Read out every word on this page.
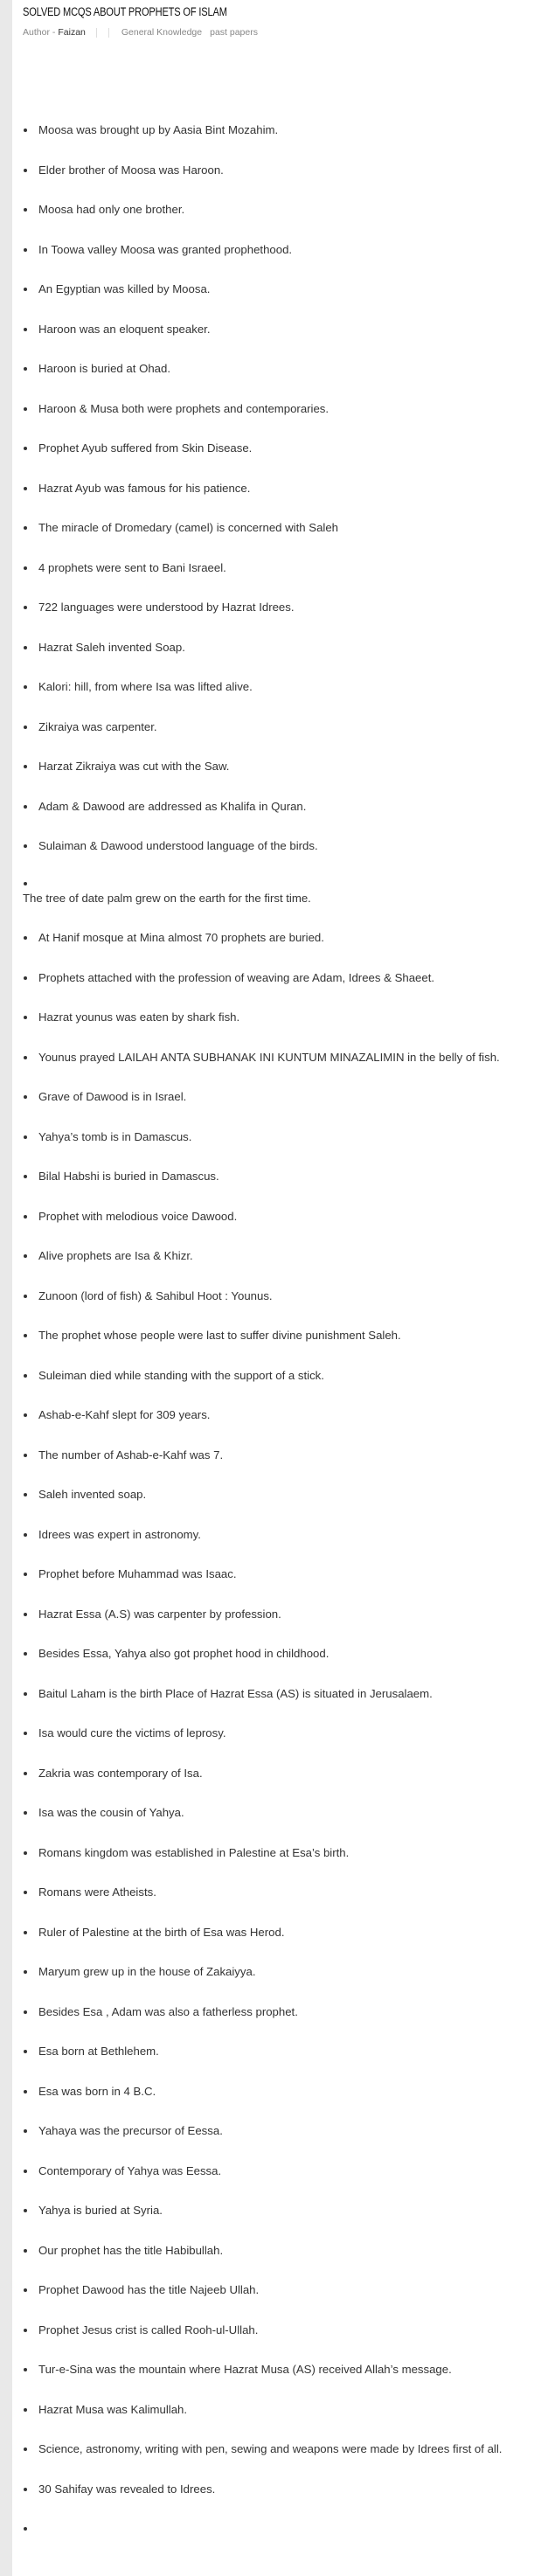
SOLVED MCQS ABOUT PROPHETS OF ISLAM
Author - Faizan	General Knowledge past papers
Moosa was brought up by Aasia Bint Mozahim.
Elder brother of Moosa was Haroon.
Moosa had only one brother.
In Toowa valley Moosa was granted prophethood.
An Egyptian was killed by Moosa.
Haroon was an eloquent speaker.
Haroon is buried at Ohad.
Haroon & Musa both were prophets and contemporaries.
Prophet Ayub suffered from Skin Disease.
Hazrat Ayub was famous for his patience.
The miracle of Dromedary (camel) is concerned with Saleh
4 prophets were sent to Bani Israeel.
722 languages were understood by Hazrat Idrees.
Hazrat Saleh invented Soap.
Kalori: hill, from where Isa was lifted alive.
Zikraiya was carpenter.
Harzat Zikraiya was cut with the Saw.
Adam & Dawood are addressed as Khalifa in Quran.
Sulaiman & Dawood understood language of the birds.
The tree of date palm grew on the earth for the first time.
At Hanif mosque at Mina almost 70 prophets are buried.
Prophets attached with the profession of weaving are Adam, Idrees & Shaeet.
Hazrat younus was eaten by shark fish.
Younus prayed LAILAH ANTA SUBHANAK INI KUNTUM MINAZALIMIN in the belly of fish.
Grave of Dawood is in Israel.
Yahya’s tomb is in Damascus.
Bilal Habshi is buried in Damascus.
Prophet with melodious voice Dawood.
Alive prophets are Isa & Khizr.
Zunoon (lord of fish) & Sahibul Hoot : Younus.
The prophet whose people were last to suffer divine punishment Saleh.
Suleiman died while standing with the support of a stick.
Ashab-e-Kahf slept for 309 years.
The number of Ashab-e-Kahf was 7.
Saleh invented soap.
Idrees was expert in astronomy.
Prophet before Muhammad was Isaac.
Hazrat Essa (A.S) was carpenter by profession.
Besides Essa, Yahya also got prophet hood in childhood.
Baitul Laham is the birth Place of Hazrat Essa (AS) is situated in Jerusalaem.
Isa would cure the victims of leprosy.
Zakria was contemporary of Isa.
Isa was the cousin of Yahya.
Romans kingdom was established in Palestine at Esa’s birth.
Romans were Atheists.
Ruler of Palestine at the birth of Esa was Herod.
Maryum grew up in the house of Zakaiyya.
Besides Esa , Adam was also a fatherless prophet.
Esa born at Bethlehem.
Esa was born in 4 B.C.
Yahaya was the precursor of Eessa.
Contemporary of Yahya was Eessa.
Yahya is buried at Syria.
Our prophet has the title Habibullah.
Prophet Dawood has the title Najeeb Ullah.
Prophet Jesus crist is called Rooh-ul-Ullah.
Tur-e-Sina was the mountain where Hazrat Musa (AS) received Allah’s message.
Hazrat Musa was Kalimullah.
Science, astronomy, writing with pen, sewing and weapons were made by Idrees first of all.
30 Sahifay was revealed to Idrees.
